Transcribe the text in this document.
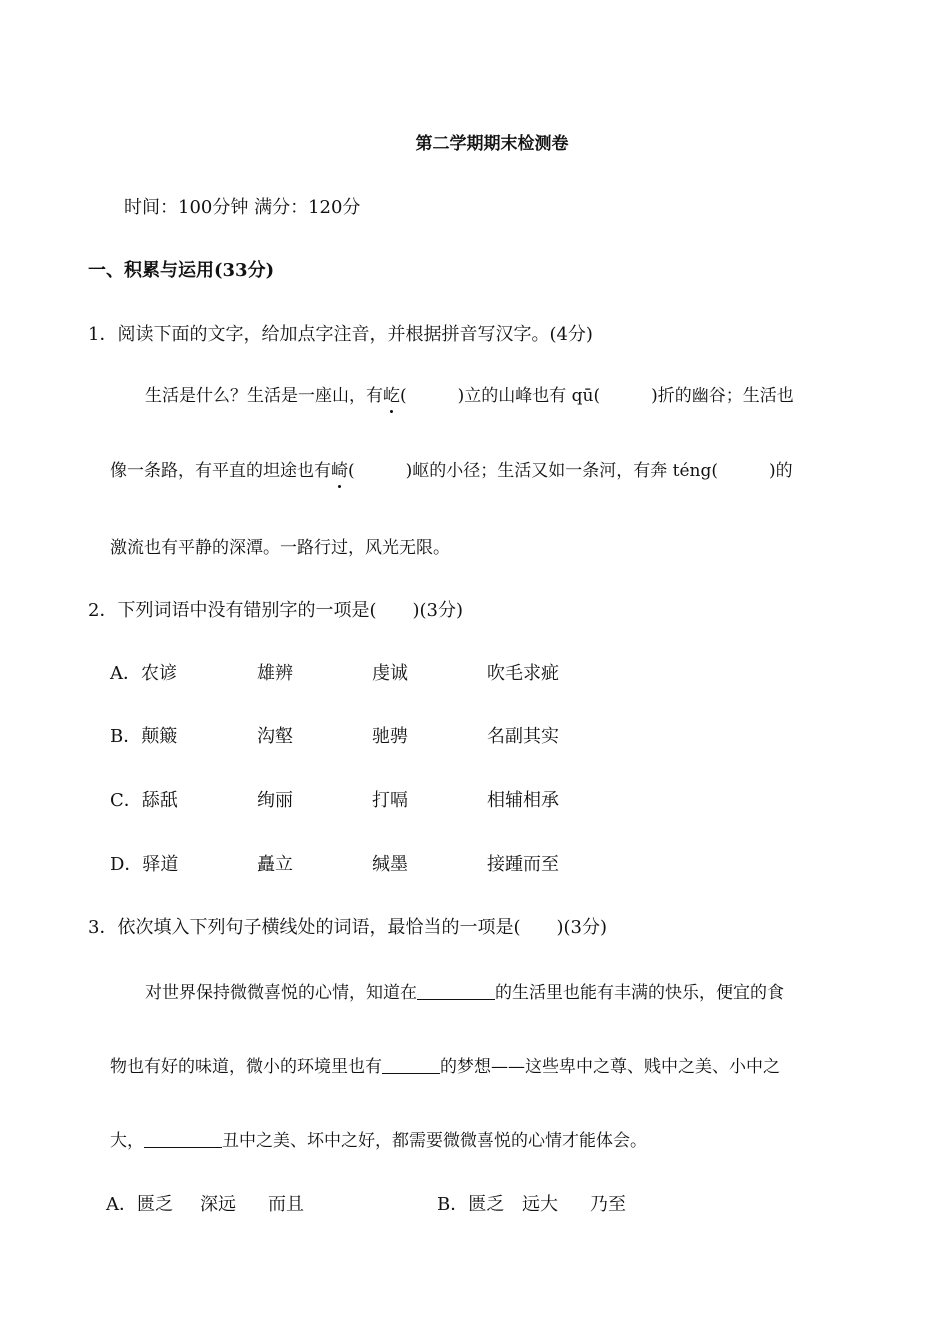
第二学期期末检测卷
时间：100分钟 满分：120分
一、积累与运用(33分)
1．阅读下面的文字，给加点字注音，并根据拼音写汉字。(4分)
生活是什么？生活是一座山，有屹(　　　)立的山峰也有 qū(　　　)折的幽谷；生活也
像一条路，有平直的坦途也有崎(　　　)岖的小径；生活又如一条河，有奔 téng(　　　)的
激流也有平静的深潭。一路行过，风光无限。
2．下列词语中没有错别字的一项是(　　)(3分)
A．农谚	雄辨	虔诚	吹毛求疵
B．颠簸	沟壑	驰骋	名副其实
C．舔舐	绚丽	打嗝	相辅相承
D．驿道	矗立	缄墨	接踵而至
3．依次填入下列句子横线处的词语，最恰当的一项是(　　)(3分)
对世界保持微微喜悦的心情，知道在	的生活里也能有丰满的快乐，便宜的食
物也有好的味道，微小的环境里也有	的梦想——这些卑中之尊、贱中之美、小中之
大，	丑中之美、坏中之好，都需要微微喜悦的心情才能体会。
A．匮乏 深远 而且	B．匮乏 远大 乃至
